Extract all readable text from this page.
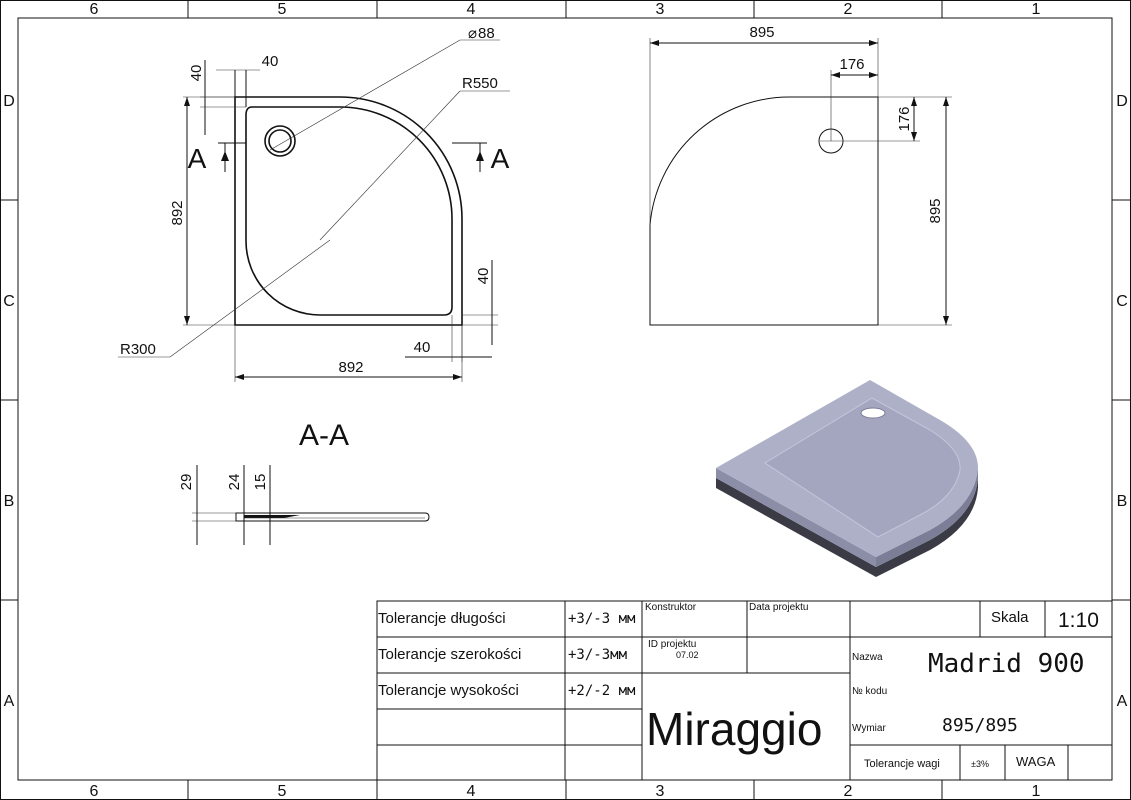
6	5	4	3	2	1
6	5	4	3	2	1
D
C
B
A
D
C
B
A
892
892
40
40
A	A
⌀ 88
R550
R300
40
40
895
176
176
895
A-A
29 24 15
Tolerancje długości	+3/-3 мм
Tolerancje szerokości	+3/-3мм
Tolerancje wysokości	+2/-2 мм
Konstruktor	Data projektu
ID projektu
07.02
Miraggio
Skala 1:10
Nazwa Madrid 900
№ kodu
Wymiar	895/895
Tolerancje wagi	±3% WAGA
